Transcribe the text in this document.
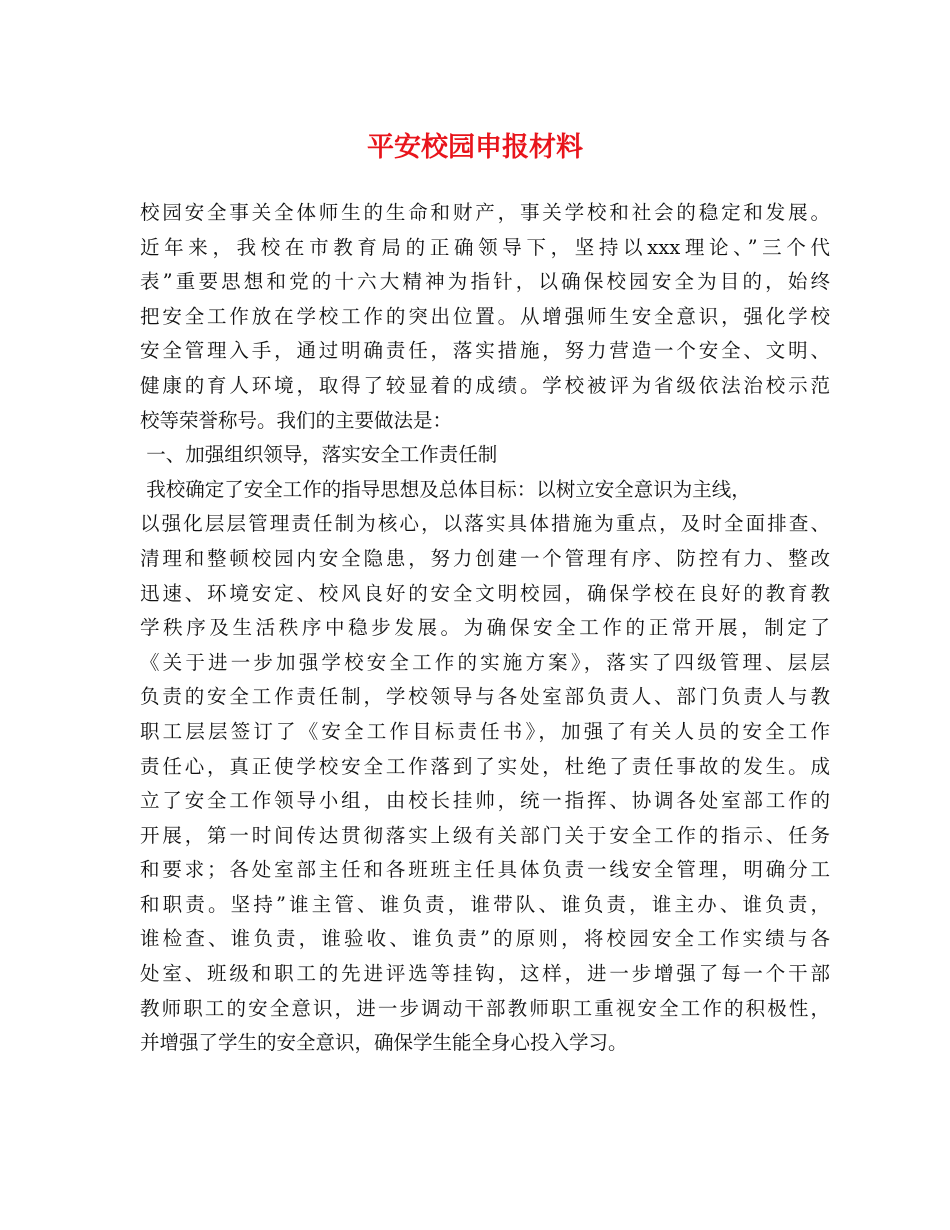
平安校园申报材料
校园安全事关全体师生的生命和财产，事关学校和社会的稳定和发展。
近年来，我校在市教育局的正确领导下，坚持以xxx理论、”三个代
表”重要思想和党的十六大精神为指针，以确保校园安全为目的，始终
把安全工作放在学校工作的突出位置。从增强师生安全意识，强化学校
安全管理入手，通过明确责任，落实措施，努力营造一个安全、文明、
健康的育人环境，取得了较显着的成绩。学校被评为省级依法治校示范
校等荣誉称号。我们的主要做法是：
一、加强组织领导，落实安全工作责任制
我校确定了安全工作的指导思想及总体目标：以树立安全意识为主线，
以强化层层管理责任制为核心，以落实具体措施为重点，及时全面排查、
清理和整顿校园内安全隐患，努力创建一个管理有序、防控有力、整改
迅速、环境安定、校风良好的安全文明校园，确保学校在良好的教育教
学秩序及生活秩序中稳步发展。为确保安全工作的正常开展，制定了
《关于进一步加强学校安全工作的实施方案》，落实了四级管理、层层
负责的安全工作责任制，学校领导与各处室部负责人、部门负责人与教
职工层层签订了《安全工作目标责任书》，加强了有关人员的安全工作
责任心，真正使学校安全工作落到了实处，杜绝了责任事故的发生。成
立了安全工作领导小组，由校长挂帅，统一指挥、协调各处室部工作的
开展，第一时间传达贯彻落实上级有关部门关于安全工作的指示、任务
和要求；各处室部主任和各班班主任具体负责一线安全管理，明确分工
和职责。坚持”谁主管、谁负责，谁带队、谁负责，谁主办、谁负责，
谁检查、谁负责，谁验收、谁负责”的原则，将校园安全工作实绩与各
处室、班级和职工的先进评选等挂钩，这样，进一步增强了每一个干部
教师职工的安全意识，进一步调动干部教师职工重视安全工作的积极性，
并增强了学生的安全意识，确保学生能全身心投入学习。
